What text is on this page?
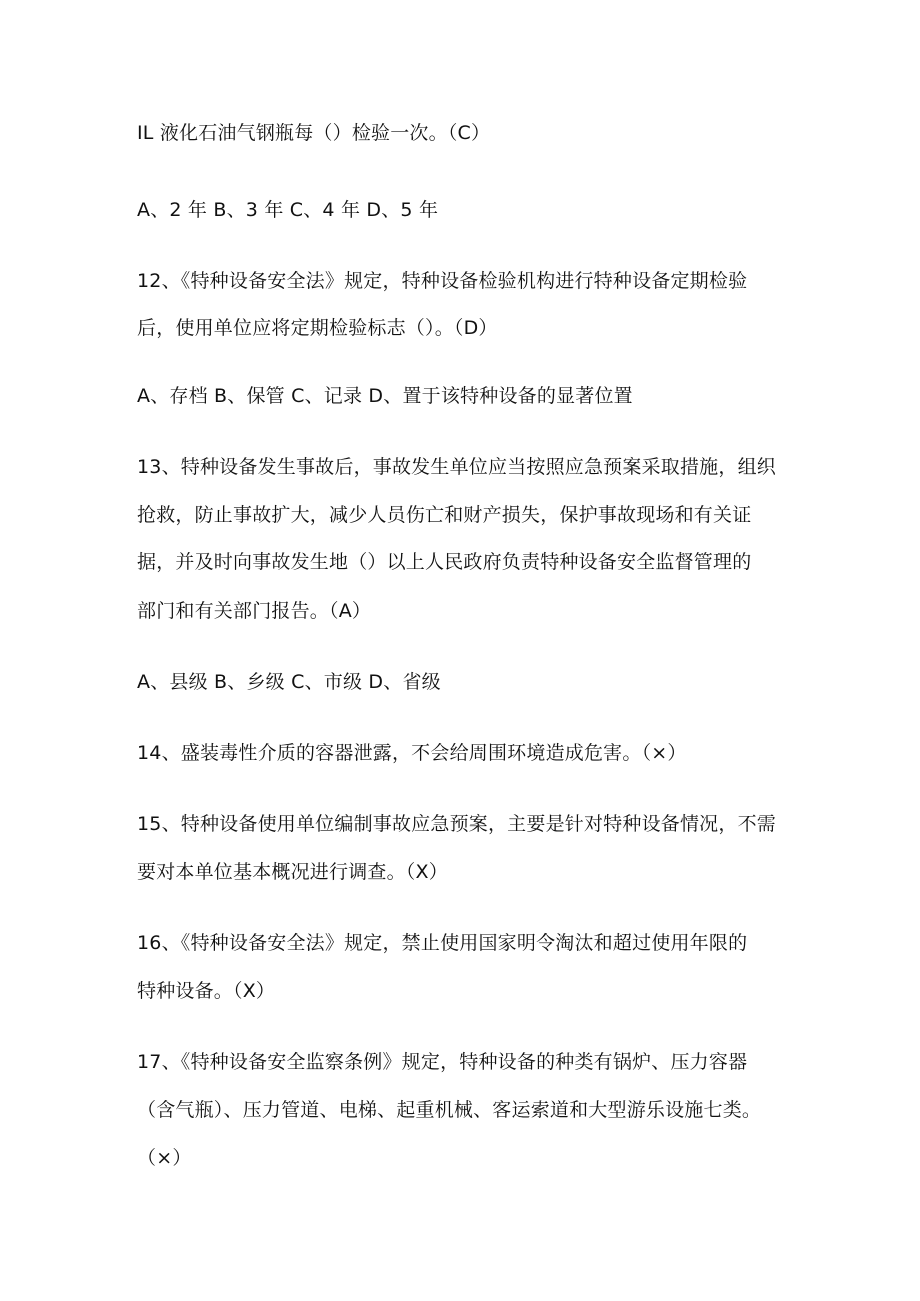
IL 液化石油气钢瓶每（）检验一次。（C）
A、2 年 B、3 年 C、4 年 D、5 年
12、《特种设备安全法》规定，特种设备检验机构进行特种设备定期检验
后，使用单位应将定期检验标志（）。（D）
A、存档 B、保管 C、记录 D、置于该特种设备的显著位置
13、特种设备发生事故后，事故发生单位应当按照应急预案采取措施，组织
抢救，防止事故扩大，减少人员伤亡和财产损失，保护事故现场和有关证
据，并及时向事故发生地（）以上人民政府负责特种设备安全监督管理的
部门和有关部门报告。（A）
A、县级 B、乡级 C、市级 D、省级
14、盛装毒性介质的容器泄露，不会给周围环境造成危害。（×）
15、特种设备使用单位编制事故应急预案，主要是针对特种设备情况，不需
要对本单位基本概况进行调查。（X）
16、《特种设备安全法》规定，禁止使用国家明令淘汰和超过使用年限的
特种设备。（X）
17、《特种设备安全监察条例》规定，特种设备的种类有锅炉、压力容器
（含气瓶）、压力管道、电梯、起重机械、客运索道和大型游乐设施七类。
（×）
